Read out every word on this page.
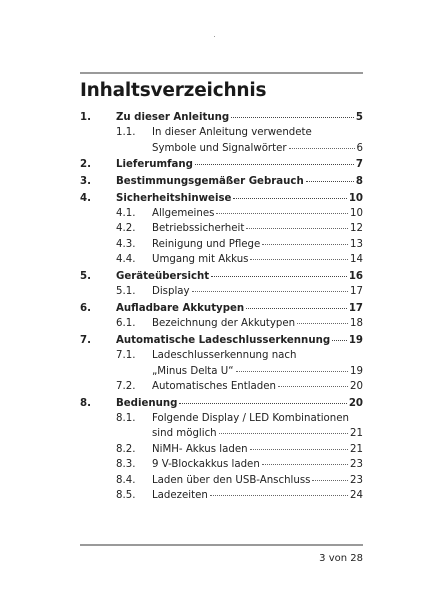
Inhaltsverzeichnis
1. Zu dieser Anleitung	5
1.1. In dieser Anleitung verwendete
Symbole und Signalwörter	6
2. Lieferumfang	7
3. Bestimmungsgemäßer Gebrauch	8
4. Sicherheitshinweise	10
4.1. Allgemeines	10
4.2. Betriebssicherheit	12
4.3. Reinigung und Pflege	13
4.4. Umgang mit Akkus	14
5. Geräteübersicht	16
5.1. Display	17
6. Aufladbare Akkutypen	17
6.1. Bezeichnung der Akkutypen	18
7. Automatische Ladeschlusserkennung 19
7.1. Ladeschlusserkennung nach
„Minus Delta U“	19
7.2. Automatisches Entladen	20
8. Bedienung	20
8.1. Folgende Display / LED Kombinationen
sind möglich	21
8.2. NiMH- Akkus laden	21
8.3. 9 V-Blockakkus laden	23
8.4. Laden über den USB-Anschluss	23
8.5. Ladezeiten	24
3 von 28
